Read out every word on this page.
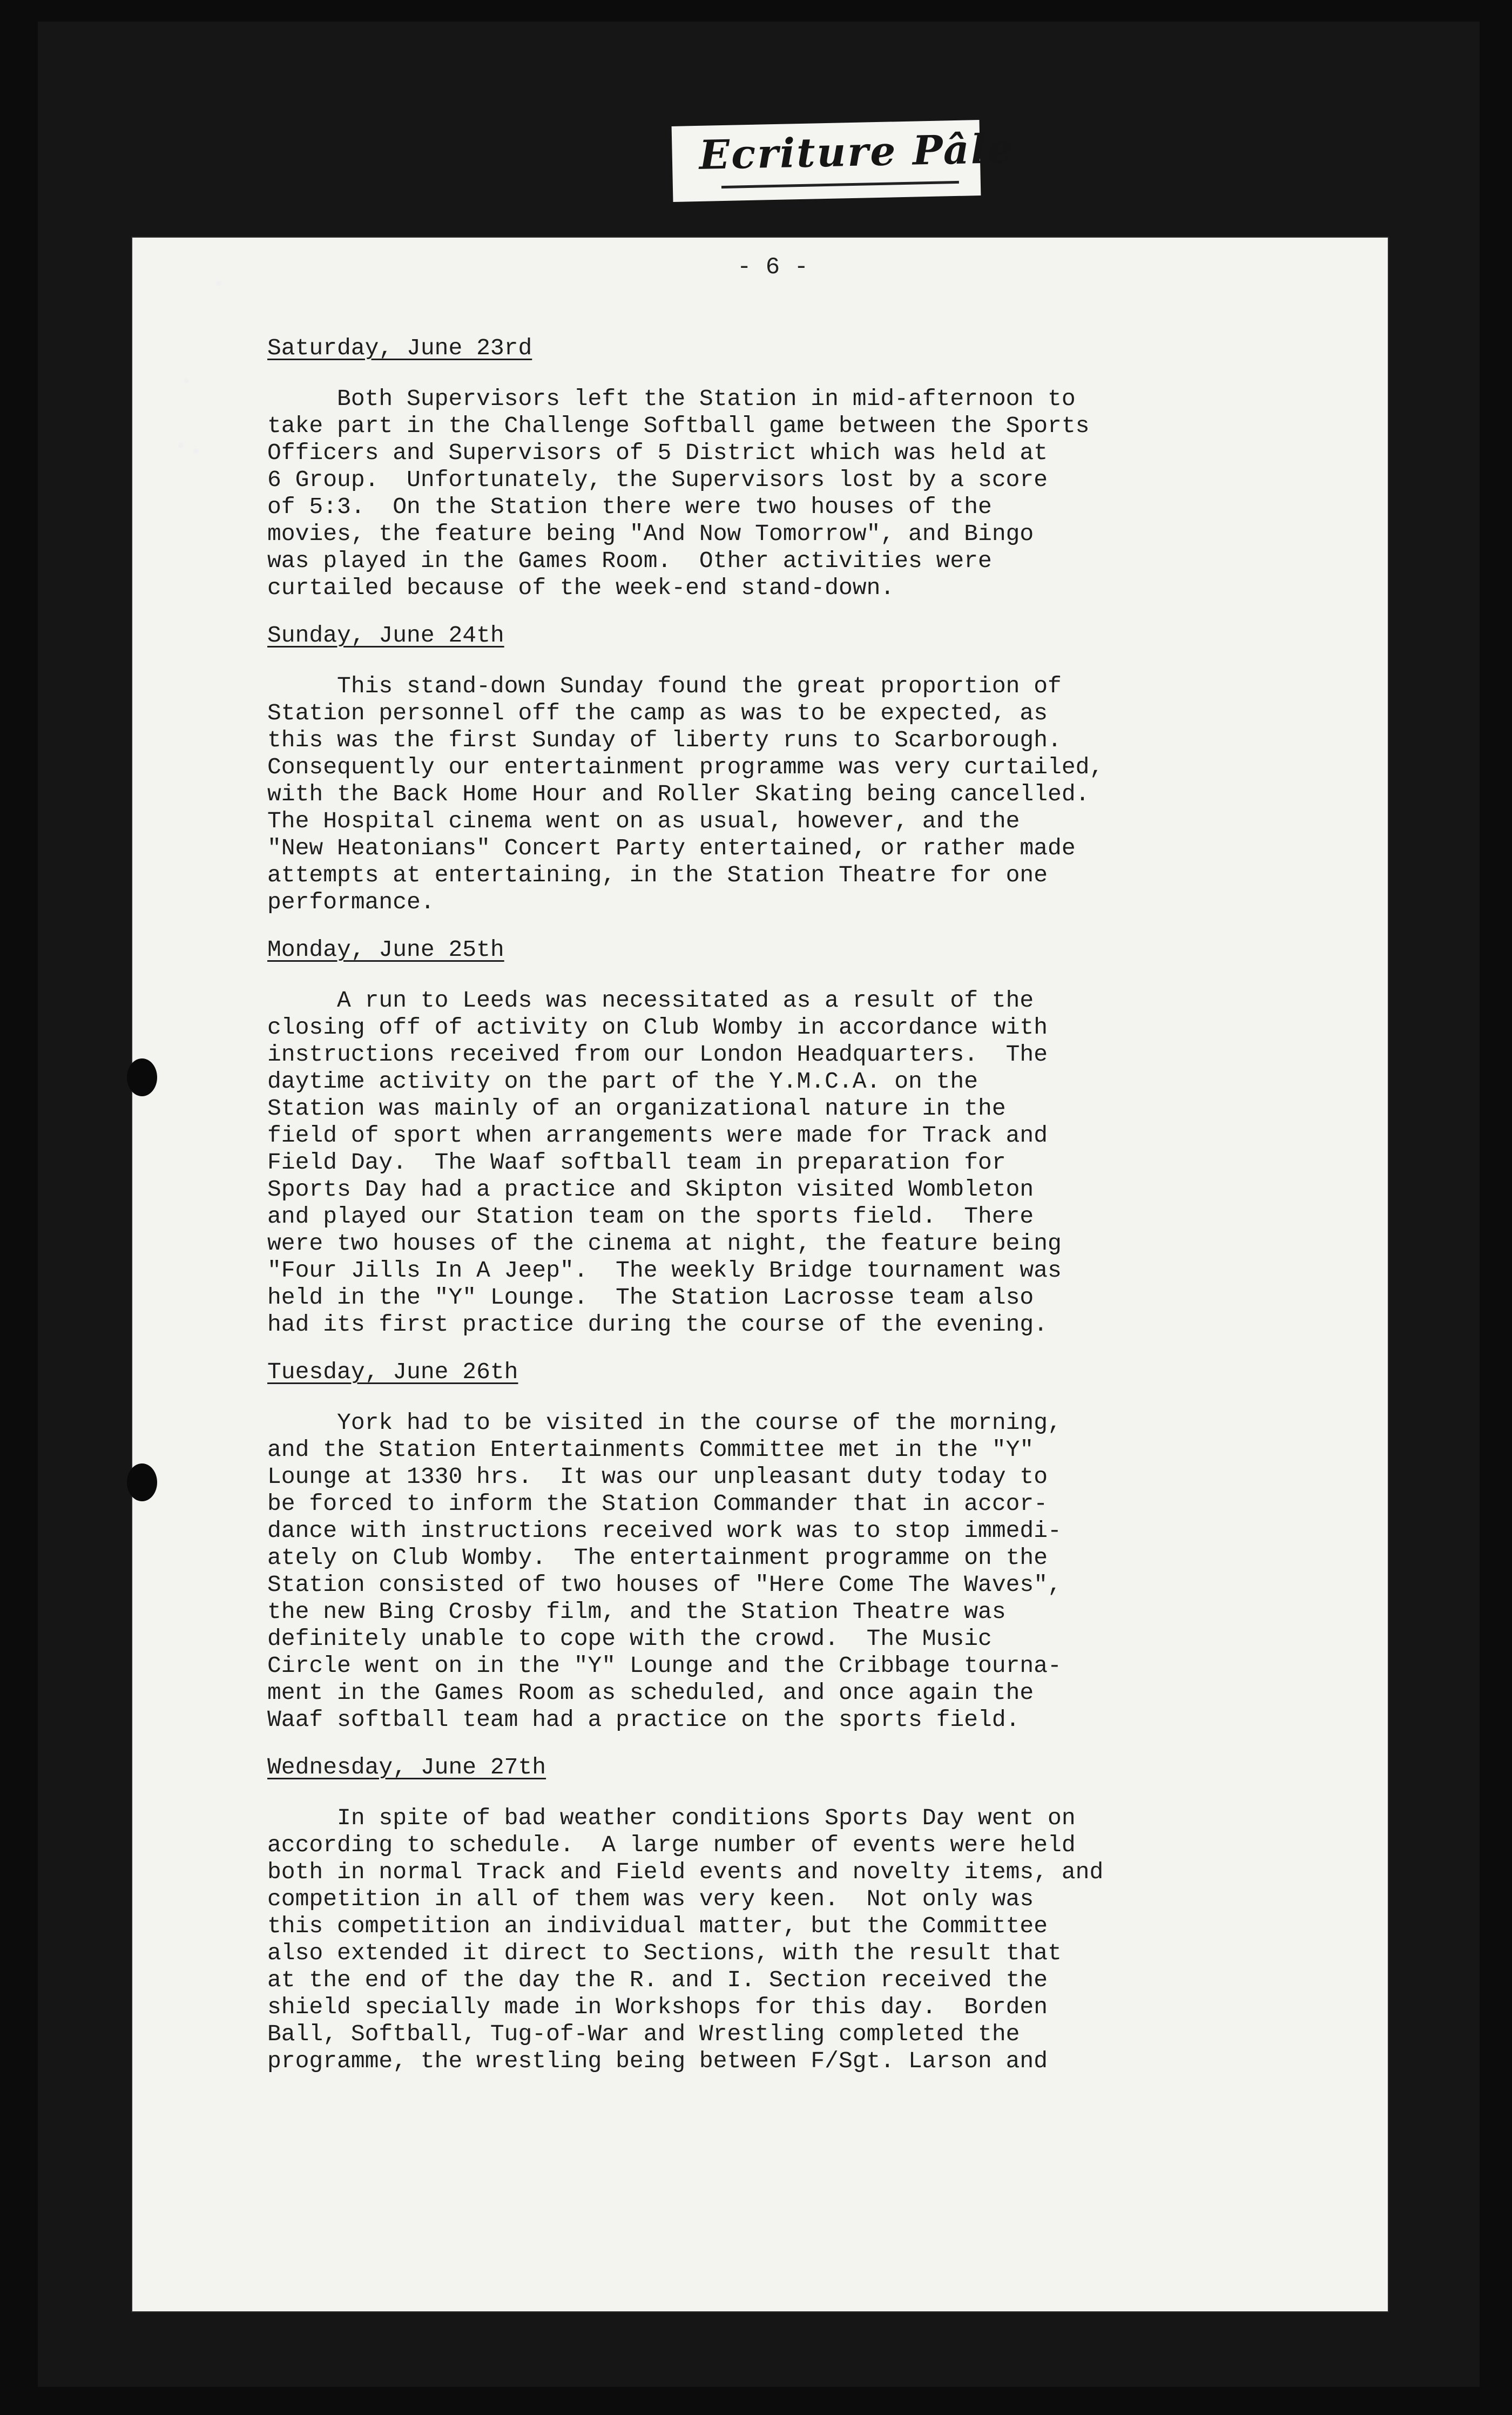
Ecriture Pâle
- 6 -
Saturday, June 23rd

Both Supervisors left the Station in mid-afternoon to
take part in the Challenge Softball game between the Sports
Officers and Supervisors of 5 District which was held at
6 Group.  Unfortunately, the Supervisors lost by a score
of 5:3.  On the Station there were two houses of the
movies, the feature being "And Now Tomorrow", and Bingo
was played in the Games Room.  Other activities were
curtailed because of the week-end stand-down.

Sunday, June 24th

This stand-down Sunday found the great proportion of
Station personnel off the camp as was to be expected, as
this was the first Sunday of liberty runs to Scarborough.
Consequently our entertainment programme was very curtailed,
with the Back Home Hour and Roller Skating being cancelled.
The Hospital cinema went on as usual, however, and the
"New Heatonians" Concert Party entertained, or rather made
attempts at entertaining, in the Station Theatre for one
performance.

Monday, June 25th

A run to Leeds was necessitated as a result of the
closing off of activity on Club Womby in accordance with
instructions received from our London Headquarters.  The
daytime activity on the part of the Y.M.C.A. on the
Station was mainly of an organizational nature in the
field of sport when arrangements were made for Track and
Field Day.  The Waaf softball team in preparation for
Sports Day had a practice and Skipton visited Wombleton
and played our Station team on the sports field.  There
were two houses of the cinema at night, the feature being
"Four Jills In A Jeep".  The weekly Bridge tournament was
held in the "Y" Lounge.  The Station Lacrosse team also
had its first practice during the course of the evening.

Tuesday, June 26th

York had to be visited in the course of the morning,
and the Station Entertainments Committee met in the "Y"
Lounge at 1330 hrs.  It was our unpleasant duty today to
be forced to inform the Station Commander that in accor-
dance with instructions received work was to stop immedi-
ately on Club Womby.  The entertainment programme on the
Station consisted of two houses of "Here Come The Waves",
the new Bing Crosby film, and the Station Theatre was
definitely unable to cope with the crowd.  The Music
Circle went on in the "Y" Lounge and the Cribbage tourna-
ment in the Games Room as scheduled, and once again the
Waaf softball team had a practice on the sports field.

Wednesday, June 27th

In spite of bad weather conditions Sports Day went on
according to schedule.  A large number of events were held
both in normal Track and Field events and novelty items, and
competition in all of them was very keen.  Not only was
this competition an individual matter, but the Committee
also extended it direct to Sections, with the result that
at the end of the day the R. and I. Section received the
shield specially made in Workshops for this day.  Borden
Ball, Softball, Tug-of-War and Wrestling completed the
programme, the wrestling being between F/Sgt. Larson and
